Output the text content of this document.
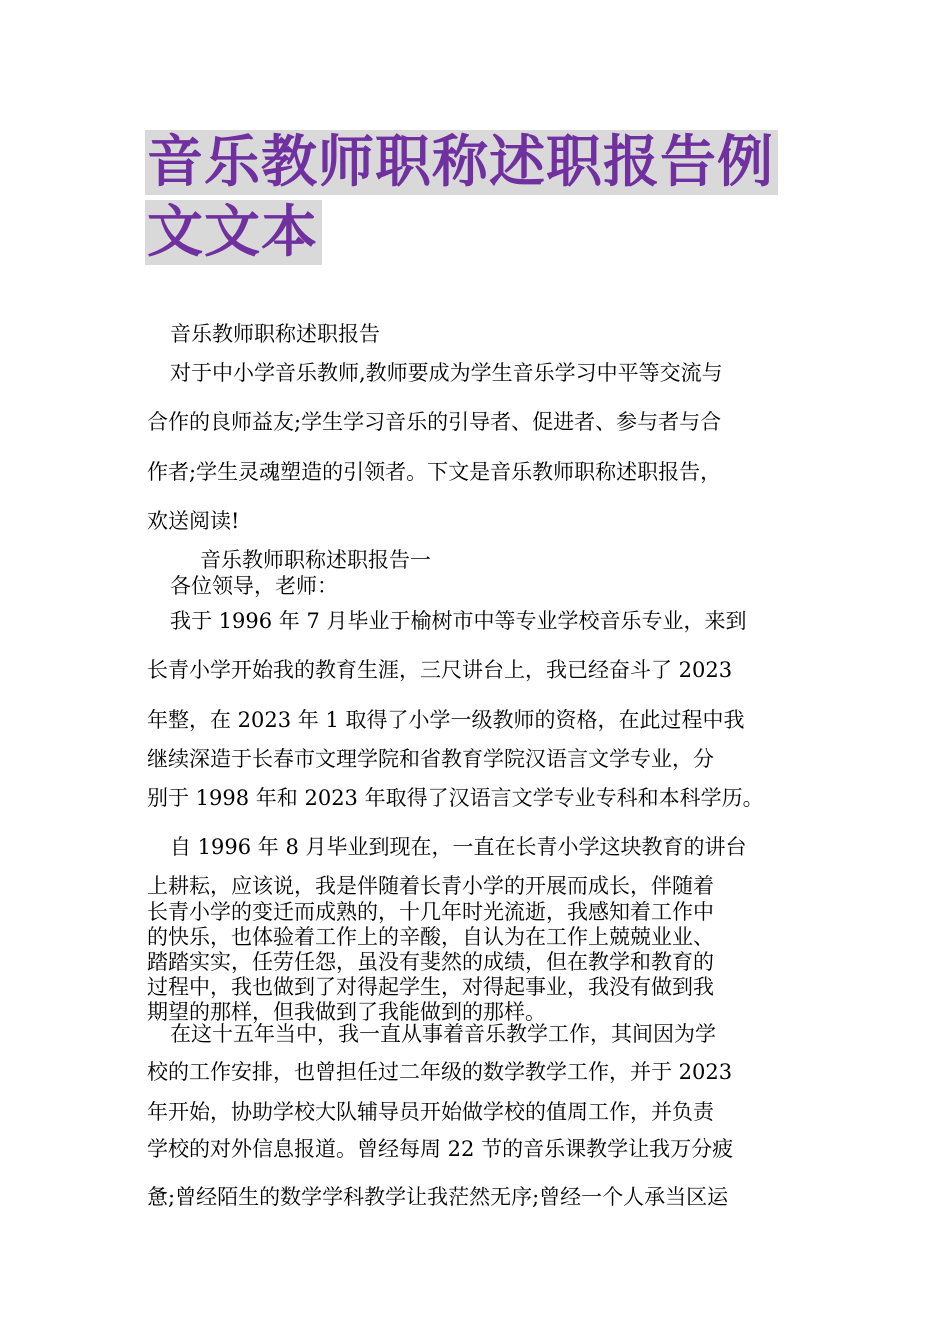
音乐教师职称述职报告例
文文本

音乐教师职称述职报告

对于中小学音乐教师,教师要成为学生音乐学习中平等交流与

合作的良师益友;学生学习音乐的引导者、促进者、参与者与合

作者;学生灵魂塑造的引领者。下文是音乐教师职称述职报告，

欢送阅读!

音乐教师职称述职报告一

各位领导，老师：

我于 1996 年 7 月毕业于榆树市中等专业学校音乐专业，来到

长青小学开始我的教育生涯，三尺讲台上，我已经奋斗了 2023

年整，在 2023 年 1 取得了小学一级教师的资格，在此过程中我

继续深造于长春市文理学院和省教育学院汉语言文学专业，分

别于 1998 年和 2023 年取得了汉语言文学专业专科和本科学历。

自 1996 年 8 月毕业到现在，一直在长青小学这块教育的讲台

上耕耘，应该说，我是伴随着长青小学的开展而成长，伴随着

长青小学的变迁而成熟的，十几年时光流逝，我感知着工作中

的快乐，也体验着工作上的辛酸，自认为在工作上兢兢业业、

踏踏实实，任劳任怨，虽没有斐然的成绩，但在教学和教育的

过程中，我也做到了对得起学生，对得起事业，我没有做到我

期望的那样，但我做到了我能做到的那样。

在这十五年当中，我一直从事着音乐教学工作，其间因为学

校的工作安排，也曾担任过二年级的数学教学工作，并于 2023

年开始，协助学校大队辅导员开始做学校的值周工作，并负责

学校的对外信息报道。曾经每周 22 节的音乐课教学让我万分疲

惫;曾经陌生的数学学科教学让我茫然无序;曾经一个人承当区运
